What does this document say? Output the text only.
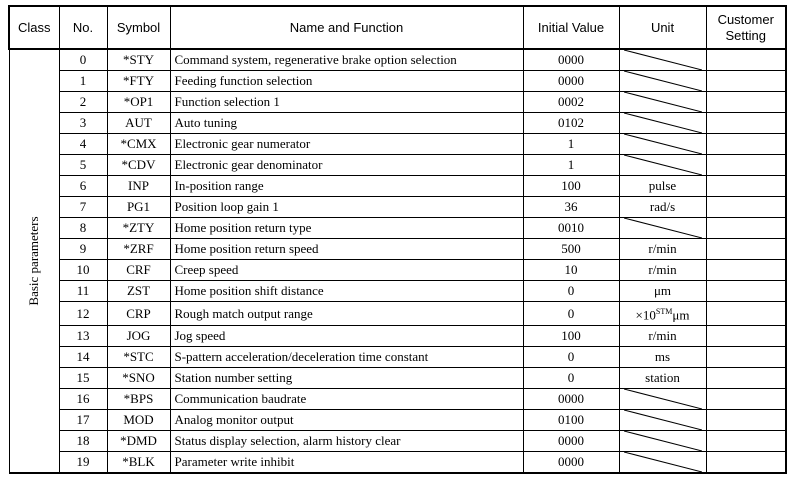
Class	No.	Symbol	Name and Function	Initial Value	Unit	Customer Setting

Basic parameters	0	*STY	Command system, regenerative brake option selection	0000	

	1	*FTY	Feeding function selection	0000	

	2	*OP1	Function selection 1	0002	

	3	AUT	Auto tuning	0102	

	4	*CMX	Electronic gear numerator	1	

	5	*CDV	Electronic gear denominator	1	

	6	INP	In-position range	100	pulse	
	7	PG1	Position loop gain 1	36	rad/s	
	8	*ZTY	Home position return type	0010	

	9	*ZRF	Home position return speed	500	r/min	
	10	CRF	Creep speed	10	r/min	
	11	ZST	Home position shift distance	0	μm	
	12	CRP	Rough match output range	0	$\times 10^{STM}\mu m$	
	13	JOG	Jog speed	100	r/min	
	14	*STC	S-pattern acceleration/deceleration time constant	0	ms	
	15	*SNO	Station number setting	0	station	
	16	*BPS	Communication baudrate	0000	

	17	MOD	Analog monitor output	0100	

	18	*DMD	Status display selection, alarm history clear	0000	

	19	*BLK	Parameter write inhibit	0000	
